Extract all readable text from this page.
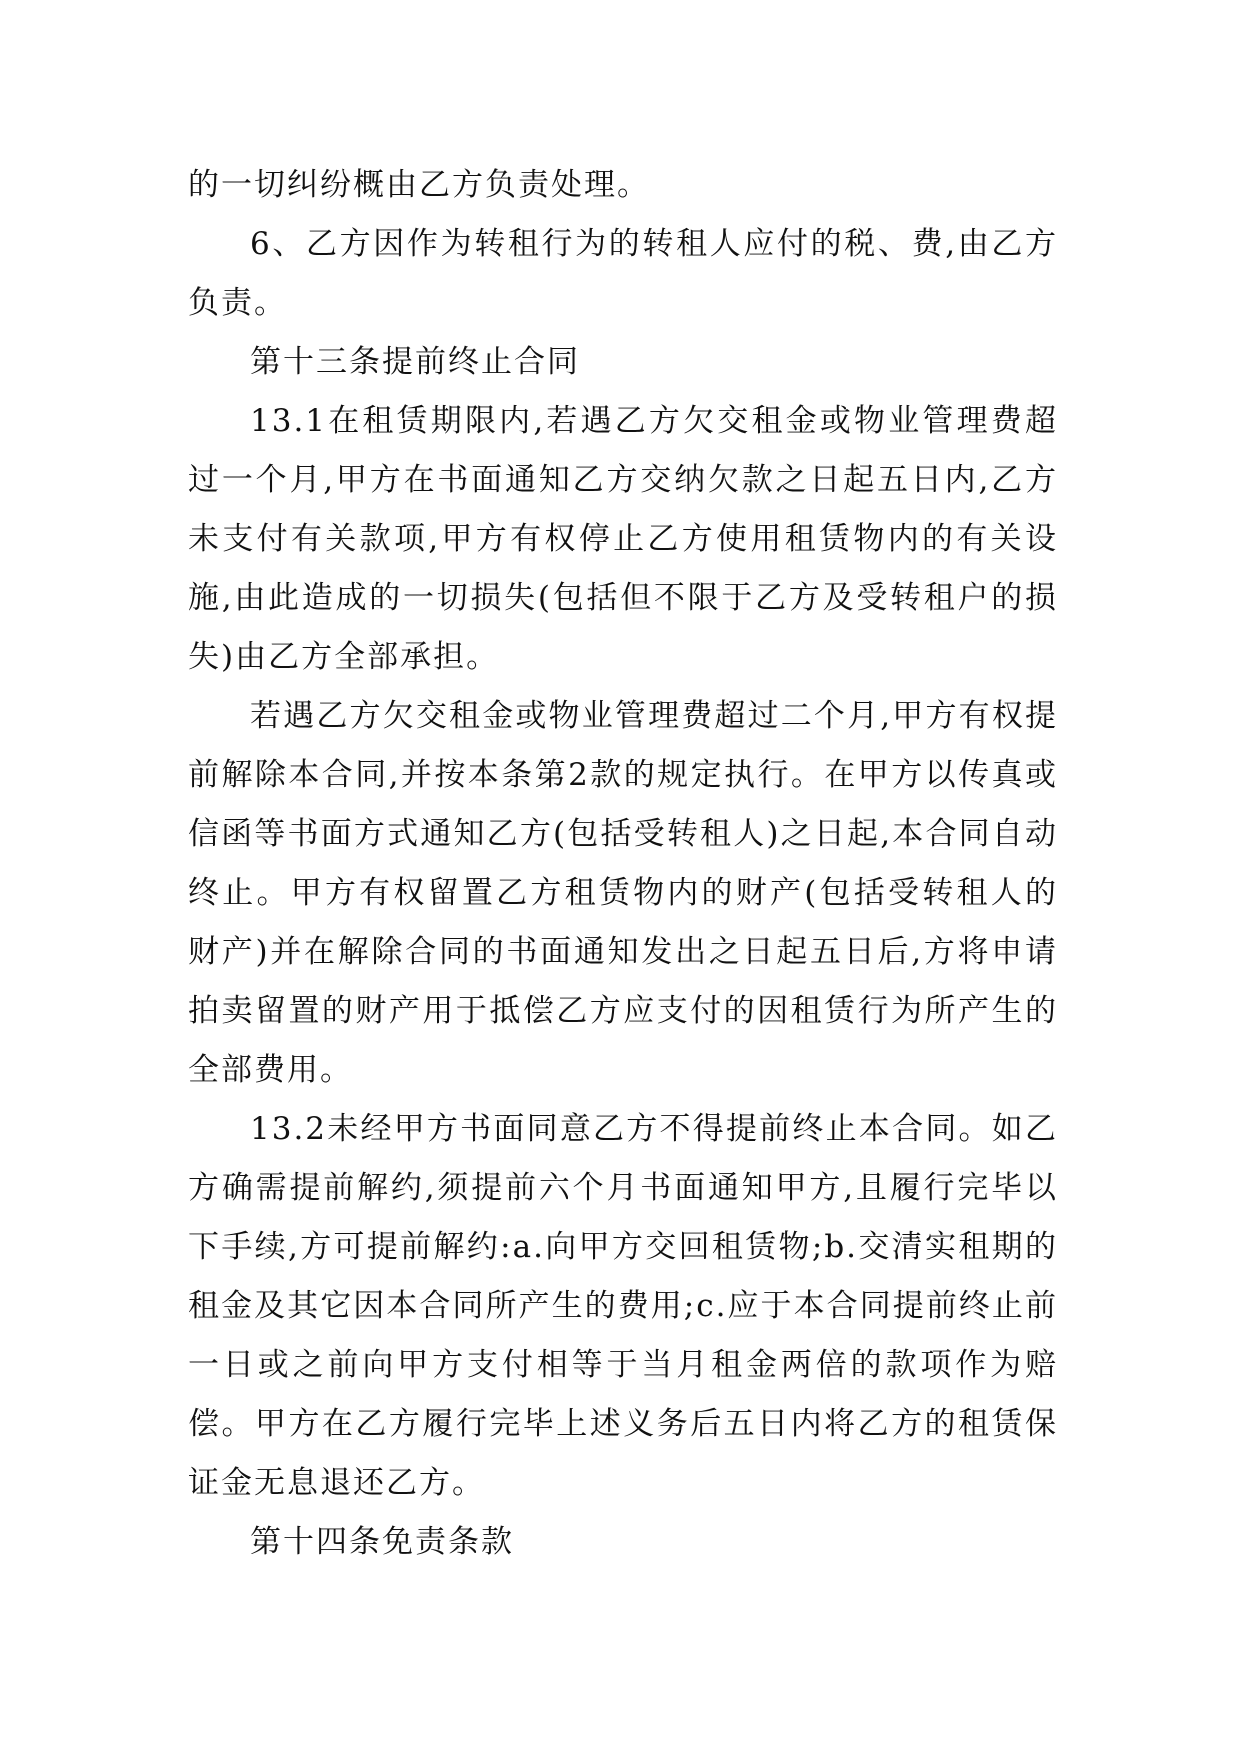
的一切纠纷概由乙方负责处理。

6、乙方因作为转租行为的转租人应付的税、费,由乙方负责。

第十三条提前终止合同

13.1在租赁期限内,若遇乙方欠交租金或物业管理费超过一个月,甲方在书面通知乙方交纳欠款之日起五日内,乙方未支付有关款项,甲方有权停止乙方使用租赁物内的有关设施,由此造成的一切损失(包括但不限于乙方及受转租户的损失)由乙方全部承担。

若遇乙方欠交租金或物业管理费超过二个月,甲方有权提前解除本合同,并按本条第2款的规定执行。在甲方以传真或信函等书面方式通知乙方(包括受转租人)之日起,本合同自动终止。甲方有权留置乙方租赁物内的财产(包括受转租人的财产)并在解除合同的书面通知发出之日起五日后,方将申请拍卖留置的财产用于抵偿乙方应支付的因租赁行为所产生的全部费用。

13.2未经甲方书面同意乙方不得提前终止本合同。如乙方确需提前解约,须提前六个月书面通知甲方,且履行完毕以下手续,方可提前解约:a.向甲方交回租赁物;b.交清实租期的租金及其它因本合同所产生的费用;c.应于本合同提前终止前一日或之前向甲方支付相等于当月租金两倍的款项作为赔偿。甲方在乙方履行完毕上述义务后五日内将乙方的租赁保证金无息退还乙方。

第十四条免责条款
